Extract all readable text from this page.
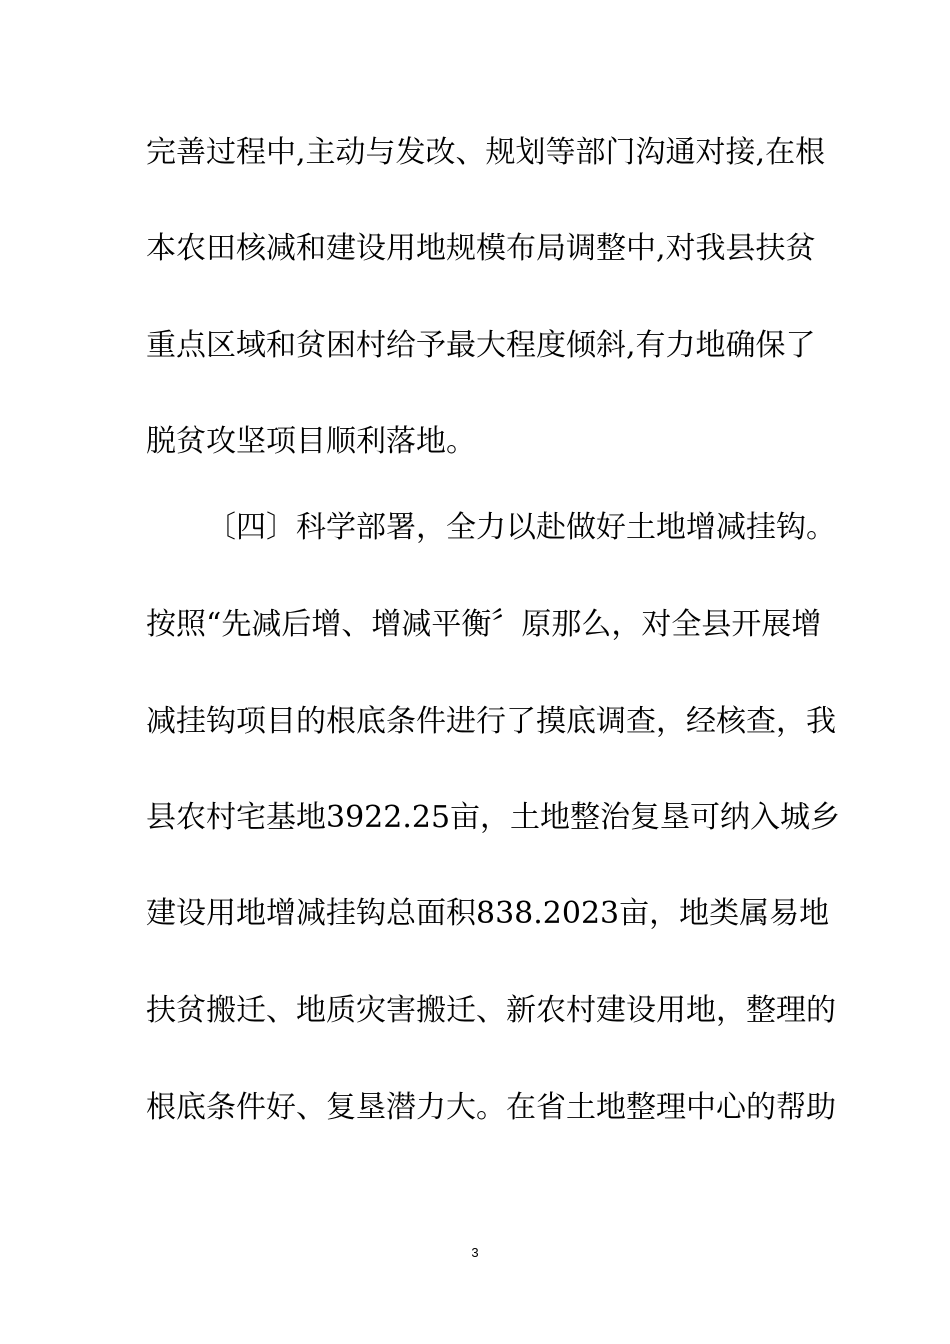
完善过程中,主动与发改、规划等部门沟通对接,在根
本农田核减和建设用地规模布局调整中,对我县扶贫
重点区域和贫困村给予最大程度倾斜,有力地确保了
脱贫攻坚项目顺利落地。
〔四〕科学部署，全力以赴做好土地增减挂钩。
按照“先减后增、增减平衡〞原那么，对全县开展增
减挂钩项目的根底条件进行了摸底调查，经核查，我
县农村宅基地3922.25亩，土地整治复垦可纳入城乡
建设用地增减挂钩总面积838.2023亩，地类属易地
扶贫搬迁、地质灾害搬迁、新农村建设用地，整理的
根底条件好、复垦潜力大。在省土地整理中心的帮助
3
